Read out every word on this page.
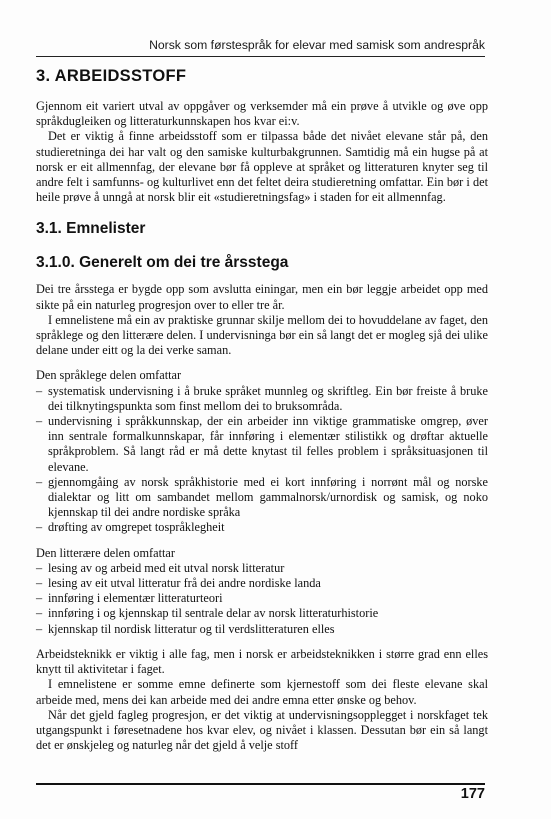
Norsk som førstespråk for elevar med samisk som andrespråk
3. ARBEIDSSTOFF

Gjennom eit variert utval av oppgåver og verksemder må ein prøve å utvikle og øve opp språkdugleiken og litteraturkunnskapen hos kvar ei:v.

Det er viktig å finne arbeidsstoff som er tilpassa både det nivået elevane står på, den studieretninga dei har valt og den samiske kulturbakgrunnen. Samtidig må ein hugse på at norsk er eit allmennfag, der elevane bør få oppleve at språket og litteraturen knyter seg til andre felt i samfunns- og kulturlivet enn det feltet deira studieretning omfattar. Ein bør i det heile prøve å unngå at norsk blir eit «studieretningsfag» i staden for eit allmennfag.

3.1. Emnelister
3.1.0. Generelt om dei tre årsstega

Dei tre årsstega er bygde opp som avslutta einingar, men ein bør leggje arbeidet opp med sikte på ein naturleg progresjon over to eller tre år.

I emnelistene må ein av praktiske grunnar skilje mellom dei to hovuddelane av faget, den språklege og den litterære delen. I undervisninga bør ein så langt det er mogleg sjå dei ulike delane under eitt og la dei verke saman.

Den språklege delen omfattar

– systematisk undervisning i å bruke språket munnleg og skriftleg. Ein bør freiste å bruke dei tilknytingspunkta som finst mellom dei to bruksområda.
– undervisning i språkkunnskap, der ein arbeider inn viktige grammatiske omgrep, øver inn sentrale formalkunnskapar, får innføring i elementær stilistikk og drøftar aktuelle språkproblem. Så langt råd er må dette knytast til felles problem i språksituasjonen til elevane.
– gjennomgåing av norsk språkhistorie med ei kort innføring i norrønt mål og norske dialektar og litt om sambandet mellom gammalnorsk/urnordisk og samisk, og noko kjennskap til dei andre nordiske språka
– drøfting av omgrepet tospråklegheit

Den litterære delen omfattar

– lesing av og arbeid med eit utval norsk litteratur
– lesing av eit utval litteratur frå dei andre nordiske landa
– innføring i elementær litteraturteori
– innføring i og kjennskap til sentrale delar av norsk litteraturhistorie
– kjennskap til nordisk litteratur og til verdslitteraturen elles

Arbeidsteknikk er viktig i alle fag, men i norsk er arbeidsteknikken i større grad enn elles knytt til aktivitetar i faget.

I emnelistene er somme emne definerte som kjernestoff som dei fleste elevane skal arbeide med, mens dei kan arbeide med dei andre emna etter ønske og behov.

Når det gjeld fagleg progresjon, er det viktig at undervisningsopplegget i norskfaget tek utgangspunkt i føresetnadene hos kvar elev, og nivået i klassen. Dessutan bør ein så langt det er ønskjeleg og naturleg når det gjeld å velje stoff

177
